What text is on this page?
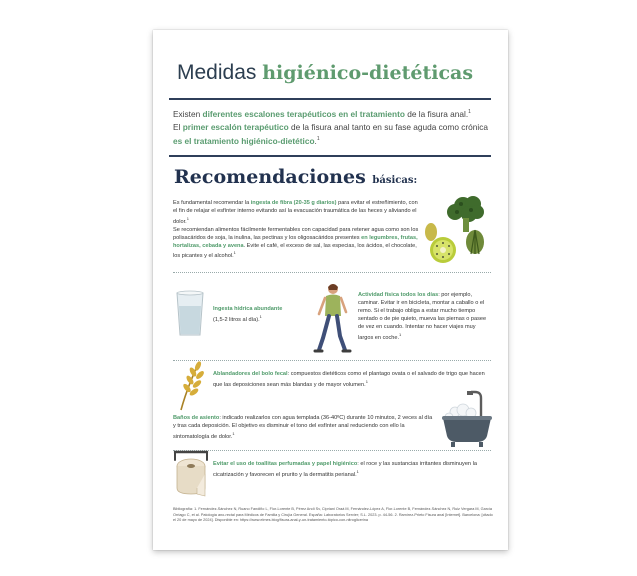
Medidas higiénico-dietéticas
Existen diferentes escalones terapéuticos en el tratamiento de la fisura anal.$^1$
El primer escalón terapéutico de la fisura anal tanto en su fase aguda como crónica es el tratamiento higiénico-dietético.$^1$
Recomendaciones básicas:
Es fundamental recomendar la ingesta de fibra (20-35 g diarios) para evitar el estreñimiento, con el fin de relajar el esfínter interno evitando así la evacuación traumática de las heces y aliviando el dolor.$^1$
Se recomiendan alimentos fácilmente fermentables con capacidad para retener agua como son los polisacáridos de soja, la inulina, las pectinas y los oligosacáridos presentes en legumbres, frutas, hortalizas, cebada y avena. Evite el café, el exceso de sal, las especias, los ácidos, el chocolate, los picantes y el alcohol.$^1$
Ingesta hídrica abundante
(1,5-2 litros al día).$^1$
Actividad física todos los días: por ejemplo, caminar. Evitar ir en bicicleta, montar a caballo o el remo. Si el trabajo obliga a estar mucho tiempo sentado o de pie quieto, mueva las piernas o pasee de vez en cuando. Intentar no hacer viajes muy largos en coche.$^1$
Ablandadores del bolo fecal: compuestos dietéticos como el plantago ovata o el salvado de trigo que hacen que las deposiciones sean más blandas y de mayor volumen.$^1$
Baños de asiento: indicado realizarlos con agua templada (36-40ºC) durante 10 minutos, 2 veces al día y tras cada deposición. El objetivo es disminuir el tono del esfínter anal reduciendo con ello la sintomatología de dolor.$^1$
Evitar el uso de toallitas perfumadas y papel higiénico: el roce y las sustancias irritantes disminuyen la cicatrización y favorecen el prurito y la dermatitis perianal.$^1$
Bibliografía: 1. Fernández-Sánchez N, Ruano Fandiño L, Flor-Lorente B, Pérez Andí Sv, Cipriani Oraá M, Fernández-López A, Flor-Lorente B, Fernández-Sánchez N, Ruiz Vergara M, García Orriago C, et al. Patología ano-rectal para Médicos de Familia y Cirujía General. España: Laboratorios Servier; S.L. 2023. p. 44-56. 2. Ramírez-Prieto Fisura anal [Internet]. Barcelona: [citado el 20 de mayo de 2024]. Disponible en: https://www.elmes.blog/fisura-anal-y-un-tratamiento-tópico-con-nitroglicerina
